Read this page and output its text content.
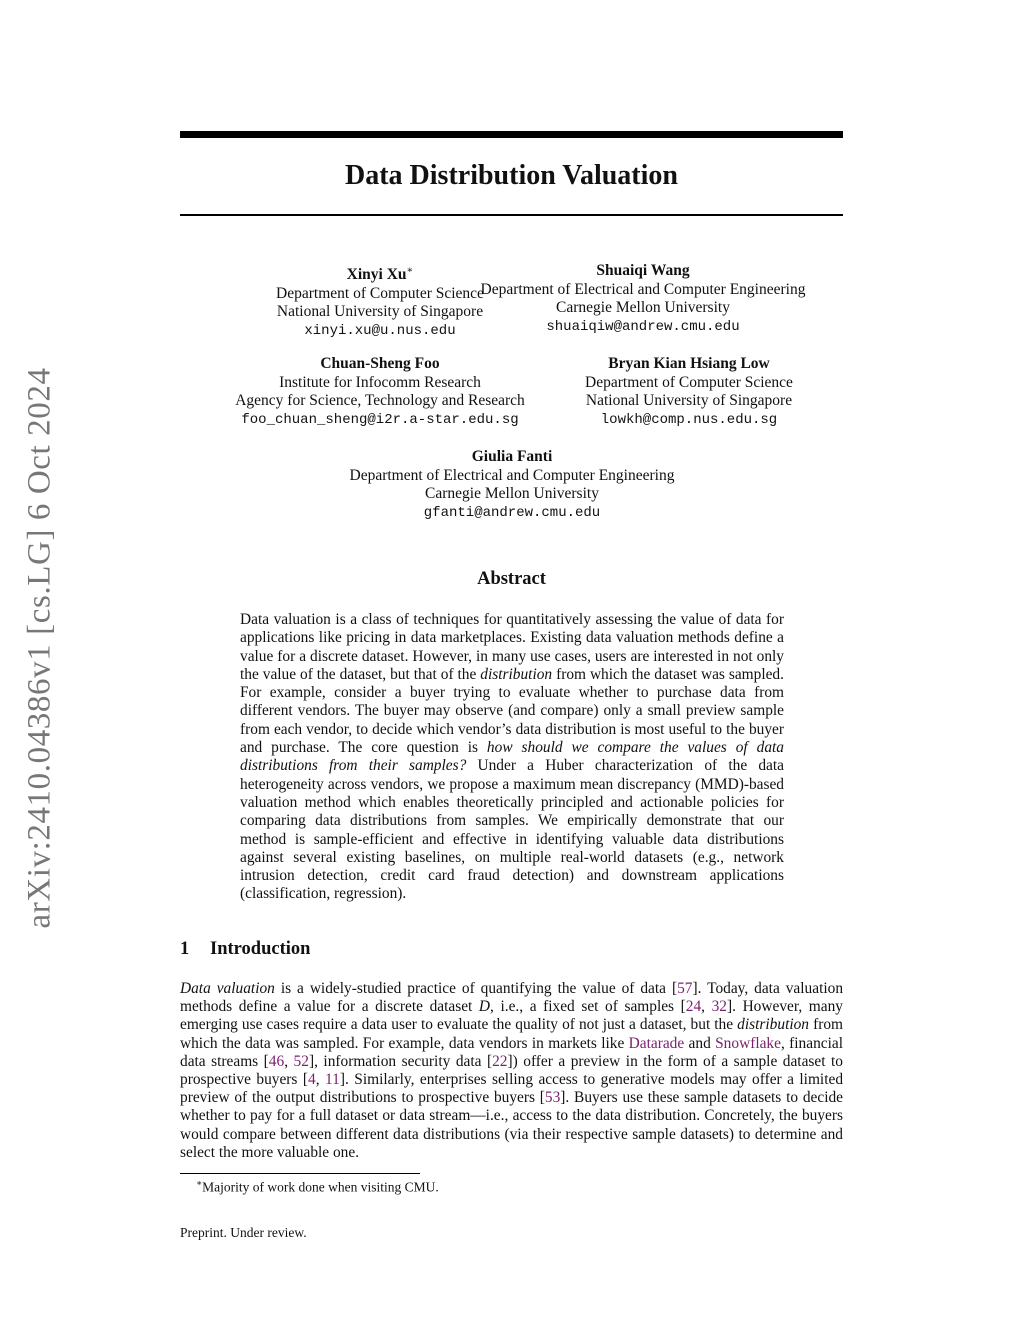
arXiv:2410.04386v1 [cs.LG] 6 Oct 2024
Data Distribution Valuation
Xinyi Xu∗
Department of Computer Science
National University of Singapore
xinyi.xu@u.nus.edu
Shuaiqi Wang
Department of Electrical and Computer Engineering
Carnegie Mellon University
shuaiqiw@andrew.cmu.edu
Chuan-Sheng Foo
Institute for Infocomm Research
Agency for Science, Technology and Research
foo_chuan_sheng@i2r.a-star.edu.sg
Bryan Kian Hsiang Low
Department of Computer Science
National University of Singapore
lowkh@comp.nus.edu.sg
Giulia Fanti
Department of Electrical and Computer Engineering
Carnegie Mellon University
gfanti@andrew.cmu.edu
Abstract
Data valuation is a class of techniques for quantitatively assessing the value of data for applications like pricing in data marketplaces. Existing data valuation methods define a value for a discrete dataset. However, in many use cases, users are interested in not only the value of the dataset, but that of the distribution from which the dataset was sampled. For example, consider a buyer trying to evaluate whether to purchase data from different vendors. The buyer may observe (and compare) only a small preview sample from each vendor, to decide which vendor’s data distribution is most useful to the buyer and purchase. The core question is how should we compare the values of data distributions from their samples? Under a Huber characterization of the data heterogeneity across vendors, we propose a maximum mean discrepancy (MMD)-based valuation method which enables theoretically principled and actionable policies for comparing data distributions from samples. We empirically demonstrate that our method is sample-efficient and effective in identifying valuable data distributions against several existing baselines, on multiple real-world datasets (e.g., network intrusion detection, credit card fraud detection) and downstream applications (classification, regression).
1 Introduction
Data valuation is a widely-studied practice of quantifying the value of data [57]. Today, data valuation methods define a value for a discrete dataset D, i.e., a fixed set of samples [24, 32]. However, many emerging use cases require a data user to evaluate the quality of not just a dataset, but the distribution from which the data was sampled. For example, data vendors in markets like Datarade and Snowflake, financial data streams [46, 52], information security data [22]) offer a preview in the form of a sample dataset to prospective buyers [4, 11]. Similarly, enterprises selling access to generative models may offer a limited preview of the output distributions to prospective buyers [53]. Buyers use these sample datasets to decide whether to pay for a full dataset or data stream—i.e., access to the data distribution. Concretely, the buyers would compare between different data distributions (via their respective sample datasets) to determine and select the more valuable one.
∗Majority of work done when visiting CMU.
Preprint. Under review.
